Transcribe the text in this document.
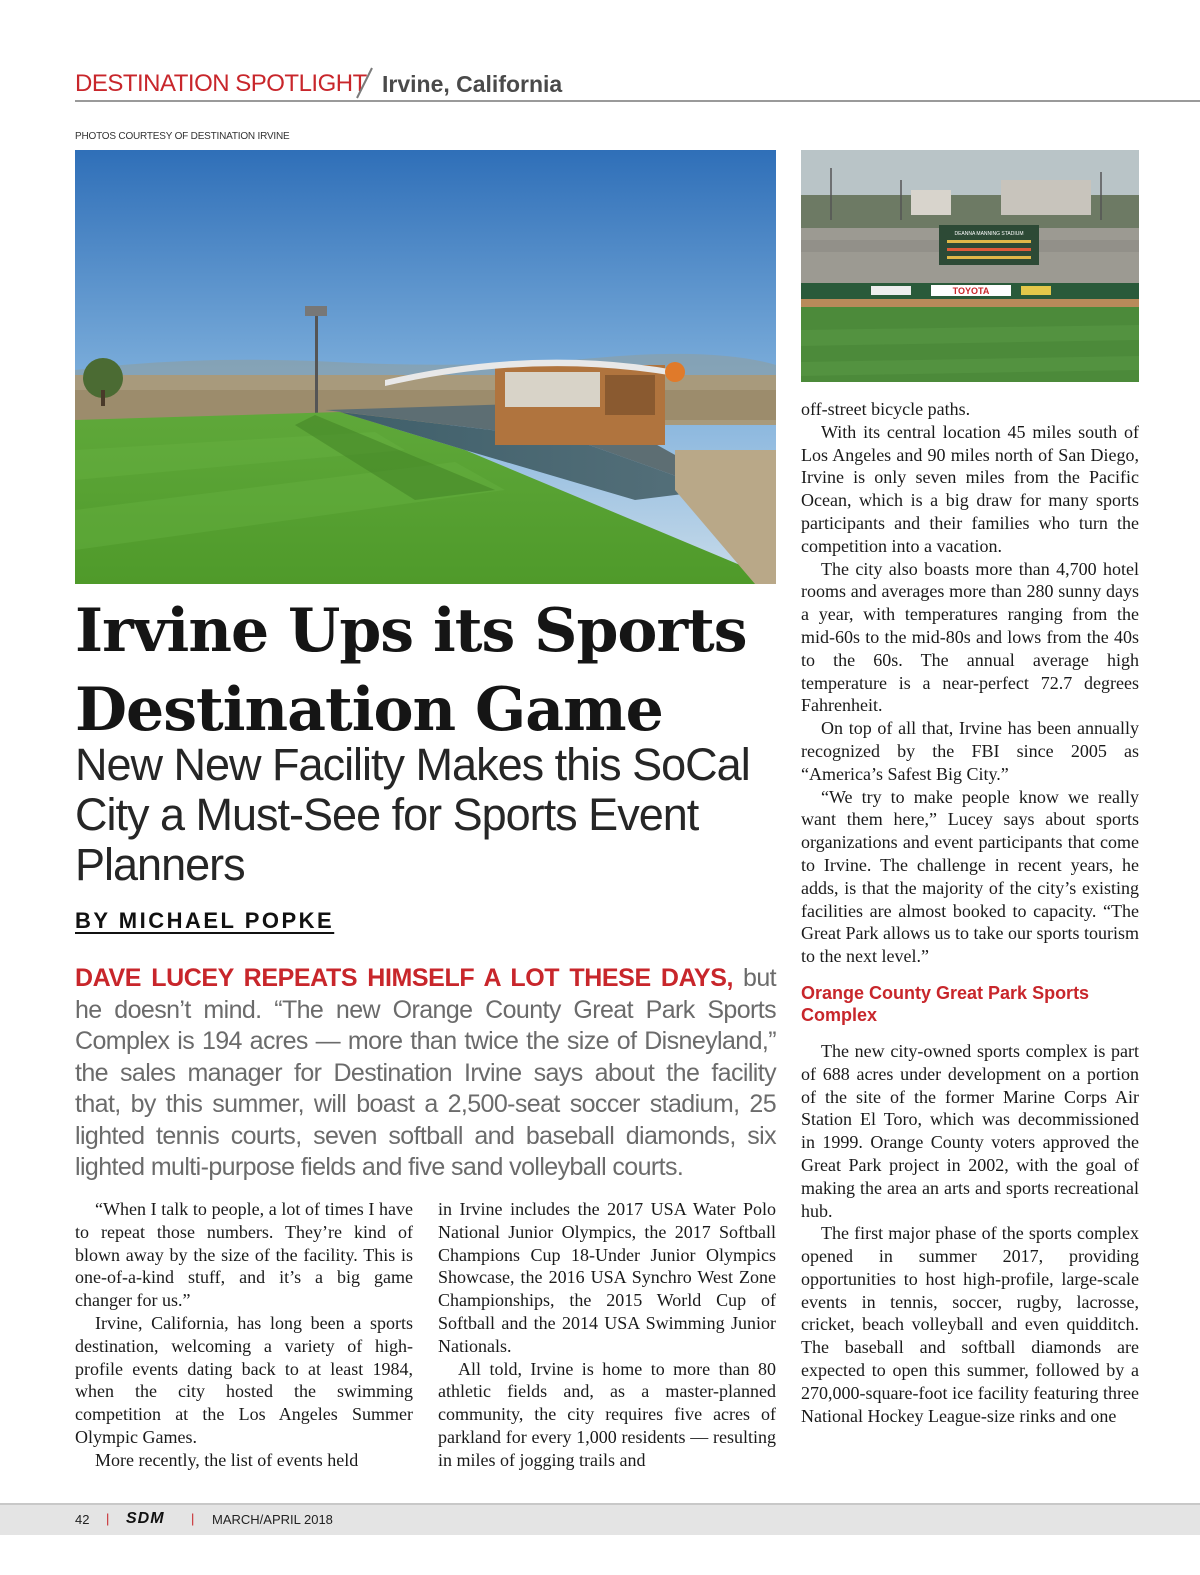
DESTINATION SPOTLIGHT Irvine, California
PHOTOS COURTESY OF DESTINATION IRVINE
DEANNA MANNING STADIUM
TOYOTA
Irvine Ups its Sports Destination Game
New New Facility Makes this SoCal City a Must-See for Sports Event Planners
BY MICHAEL POPKE
DAVE LUCEY REPEATS HIMSELF A LOT THESE DAYS, but he doesn’t mind. “The new Orange County Great Park Sports Complex is 194 acres — more than twice the size of Disneyland,” the sales manager for Destination Irvine says about the facility that, by this summer, will boast a 2,500-seat soccer stadium, 25 lighted tennis courts, seven softball and baseball diamonds, six lighted multi-purpose fields and five sand volleyball courts.

“When I talk to people, a lot of times I have to repeat those numbers. They’re kind of blown away by the size of the facility. This is one-of-a-kind stuff, and it’s a big game changer for us.”

Irvine, California, has long been a sports destination, welcoming a variety of high-profile events dating back to at least 1984, when the city hosted the swimming competition at the Los Angeles Summer Olympic Games.

More recently, the list of events held

in Irvine includes the 2017 USA Water Polo National Junior Olympics, the 2017 Softball Champions Cup 18-Under Junior Olympics Showcase, the 2016 USA Synchro West Zone Championships, the 2015 World Cup of Softball and the 2014 USA Swimming Junior Nationals.

All told, Irvine is home to more than 80 athletic fields and, as a master-planned community, the city requires five acres of parkland for every 1,000 residents — resulting in miles of jogging trails and

off-street bicycle paths.

With its central location 45 miles south of Los Angeles and 90 miles north of San Diego, Irvine is only seven miles from the Pacific Ocean, which is a big draw for many sports participants and their families who turn the competition into a vacation.

The city also boasts more than 4,700 hotel rooms and averages more than 280 sunny days a year, with temperatures ranging from the mid-60s to the mid-80s and lows from the 40s to the 60s. The annual average high temperature is a near-perfect 72.7 degrees Fahrenheit.

On top of all that, Irvine has been annually recognized by the FBI since 2005 as “America’s Safest Big City.”

“We try to make people know we really want them here,” Lucey says about sports organizations and event participants that come to Irvine. The challenge in recent years, he adds, is that the majority of the city’s existing facilities are almost booked to capacity. “The Great Park allows us to take our sports tourism to the next level.”

Orange County Great Park Sports Complex

The new city-owned sports complex is part of 688 acres under development on a portion of the site of the former Marine Corps Air Station El Toro, which was decommissioned in 1999. Orange County voters approved the Great Park project in 2002, with the goal of making the area an arts and sports recreational hub.

The first major phase of the sports complex opened in summer 2017, providing opportunities to host high-profile, large-scale events in tennis, soccer, rugby, lacrosse, cricket, beach volleyball and even quidditch. The baseball and softball diamonds are expected to open this summer, followed by a 270,000-square-foot ice facility featuring three National Hockey League-size rinks and one

42 | SDM | MARCH/APRIL 2018
